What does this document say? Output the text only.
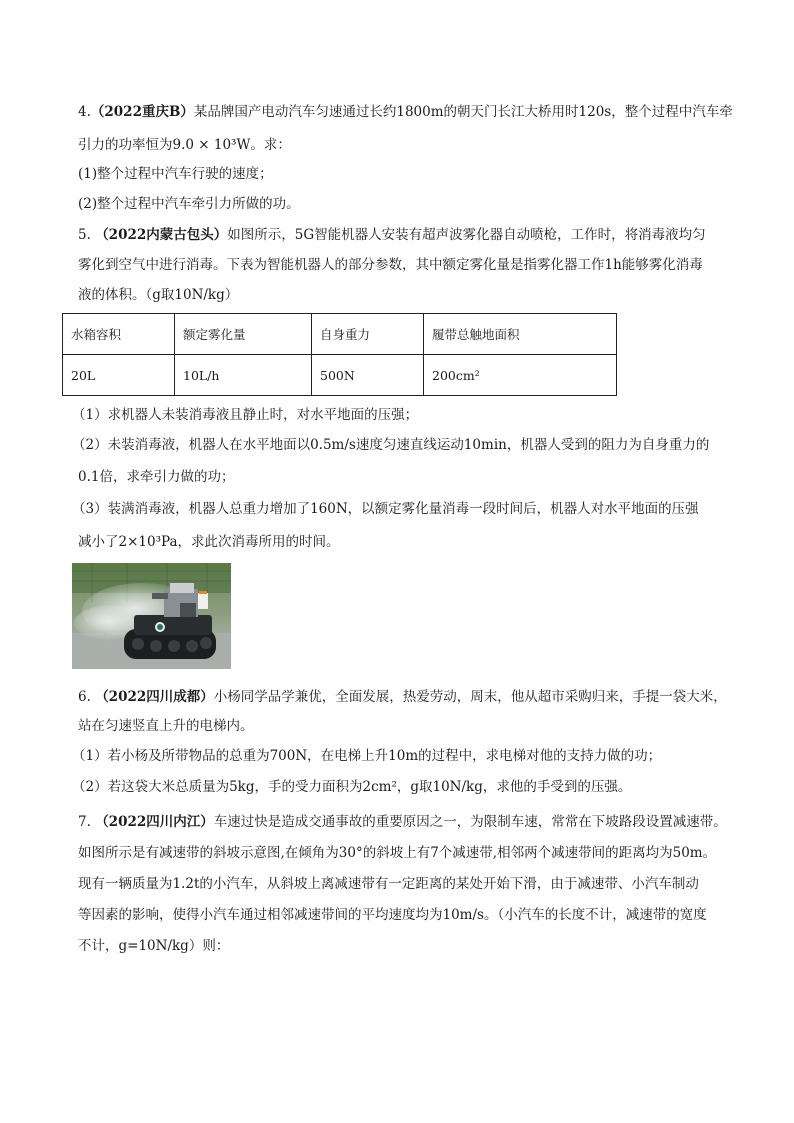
4.（2022重庆B）某品牌国产电动汽车匀速通过长约1800m的朝天门长江大桥用时120s，整个过程中汽车牵
引力的功率恒为9.0 × 10³W。求：
(1)整个过程中汽车行驶的速度；
(2)整个过程中汽车牵引力所做的功。
5. （2022内蒙古包头）如图所示，5G智能机器人安装有超声波雾化器自动喷枪，工作时，将消毒液均匀
雾化到空气中进行消毒。下表为智能机器人的部分参数，其中额定雾化量是指雾化器工作1h能够雾化消毒
液的体积。（g取10N/kg）
水箱容积	额定雾化量	自身重力	履带总触地面积
20L	10L/h	500N	200cm²
（1）求机器人未装消毒液且静止时，对水平地面的压强；
（2）未装消毒液，机器人在水平地面以0.5m/s速度匀速直线运动10min，机器人受到的阻力为自身重力的
0.1倍，求牵引力做的功；
（3）装满消毒液，机器人总重力增加了160N，以额定雾化量消毒一段时间后，机器人对水平地面的压强
减小了2×10³Pa，求此次消毒所用的时间。
6. （2022四川成都）小杨同学品学兼优，全面发展，热爱劳动，周末，他从超市采购归来，手提一袋大米，
站在匀速竖直上升的电梯内。
（1）若小杨及所带物品的总重为700N，在电梯上升10m的过程中，求电梯对他的支持力做的功；
（2）若这袋大米总质量为5kg，手的受力面积为2cm²，g取10N/kg，求他的手受到的压强。
7. （2022四川内江）车速过快是造成交通事故的重要原因之一，为限制车速，常常在下坡路段设置减速带。
如图所示是有减速带的斜坡示意图,在倾角为30°的斜坡上有7个减速带,相邻两个减速带间的距离均为50m。
现有一辆质量为1.2t的小汽车，从斜坡上离减速带有一定距离的某处开始下滑，由于减速带、小汽车制动
等因素的影响，使得小汽车通过相邻减速带间的平均速度均为10m/s。（小汽车的长度不计，减速带的宽度
不计，g=10N/kg）则：
